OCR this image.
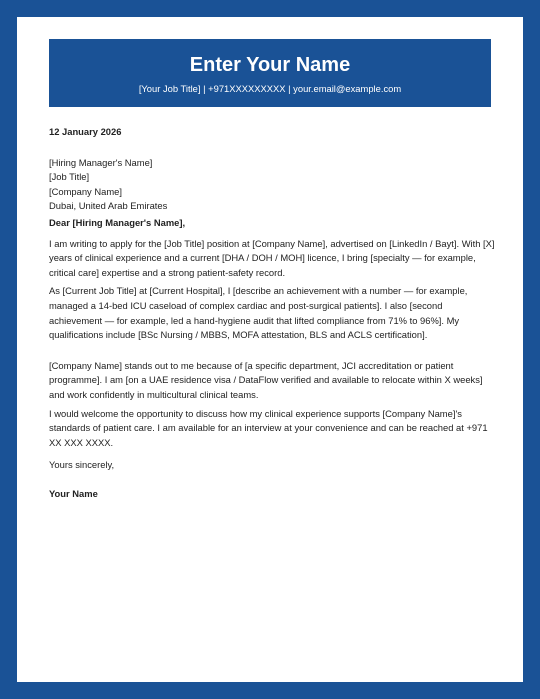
Enter Your Name
[Your Job Title] | +971XXXXXXXXX | your.email@example.com

12 January 2026

[Hiring Manager's Name]

[Job Title]

[Company Name]

Dubai, United Arab Emirates

Dear [Hiring Manager's Name],

I am writing to apply for the [Job Title] position at [Company Name], advertised on [LinkedIn / Bayt]. With [X] years of clinical experience and a current [DHA / DOH / MOH] licence, I bring [specialty — for example, critical care] expertise and a strong patient-safety record.

As [Current Job Title] at [Current Hospital], I [describe an achievement with a number — for example, managed a 14-bed ICU caseload of complex cardiac and post-surgical patients]. I also [second achievement — for example, led a hand-hygiene audit that lifted compliance from 71% to 96%]. My qualifications include [BSc Nursing / MBBS, MOFA attestation, BLS and ACLS certification].

[Company Name] stands out to me because of [a specific department, JCI accreditation or patient programme]. I am [on a UAE residence visa / DataFlow verified and available to relocate within X weeks] and work confidently in multicultural clinical teams.

I would welcome the opportunity to discuss how my clinical experience supports [Company Name]'s standards of patient care. I am available for an interview at your convenience and can be reached at +971 XX XXX XXXX.

Yours sincerely,

Your Name
